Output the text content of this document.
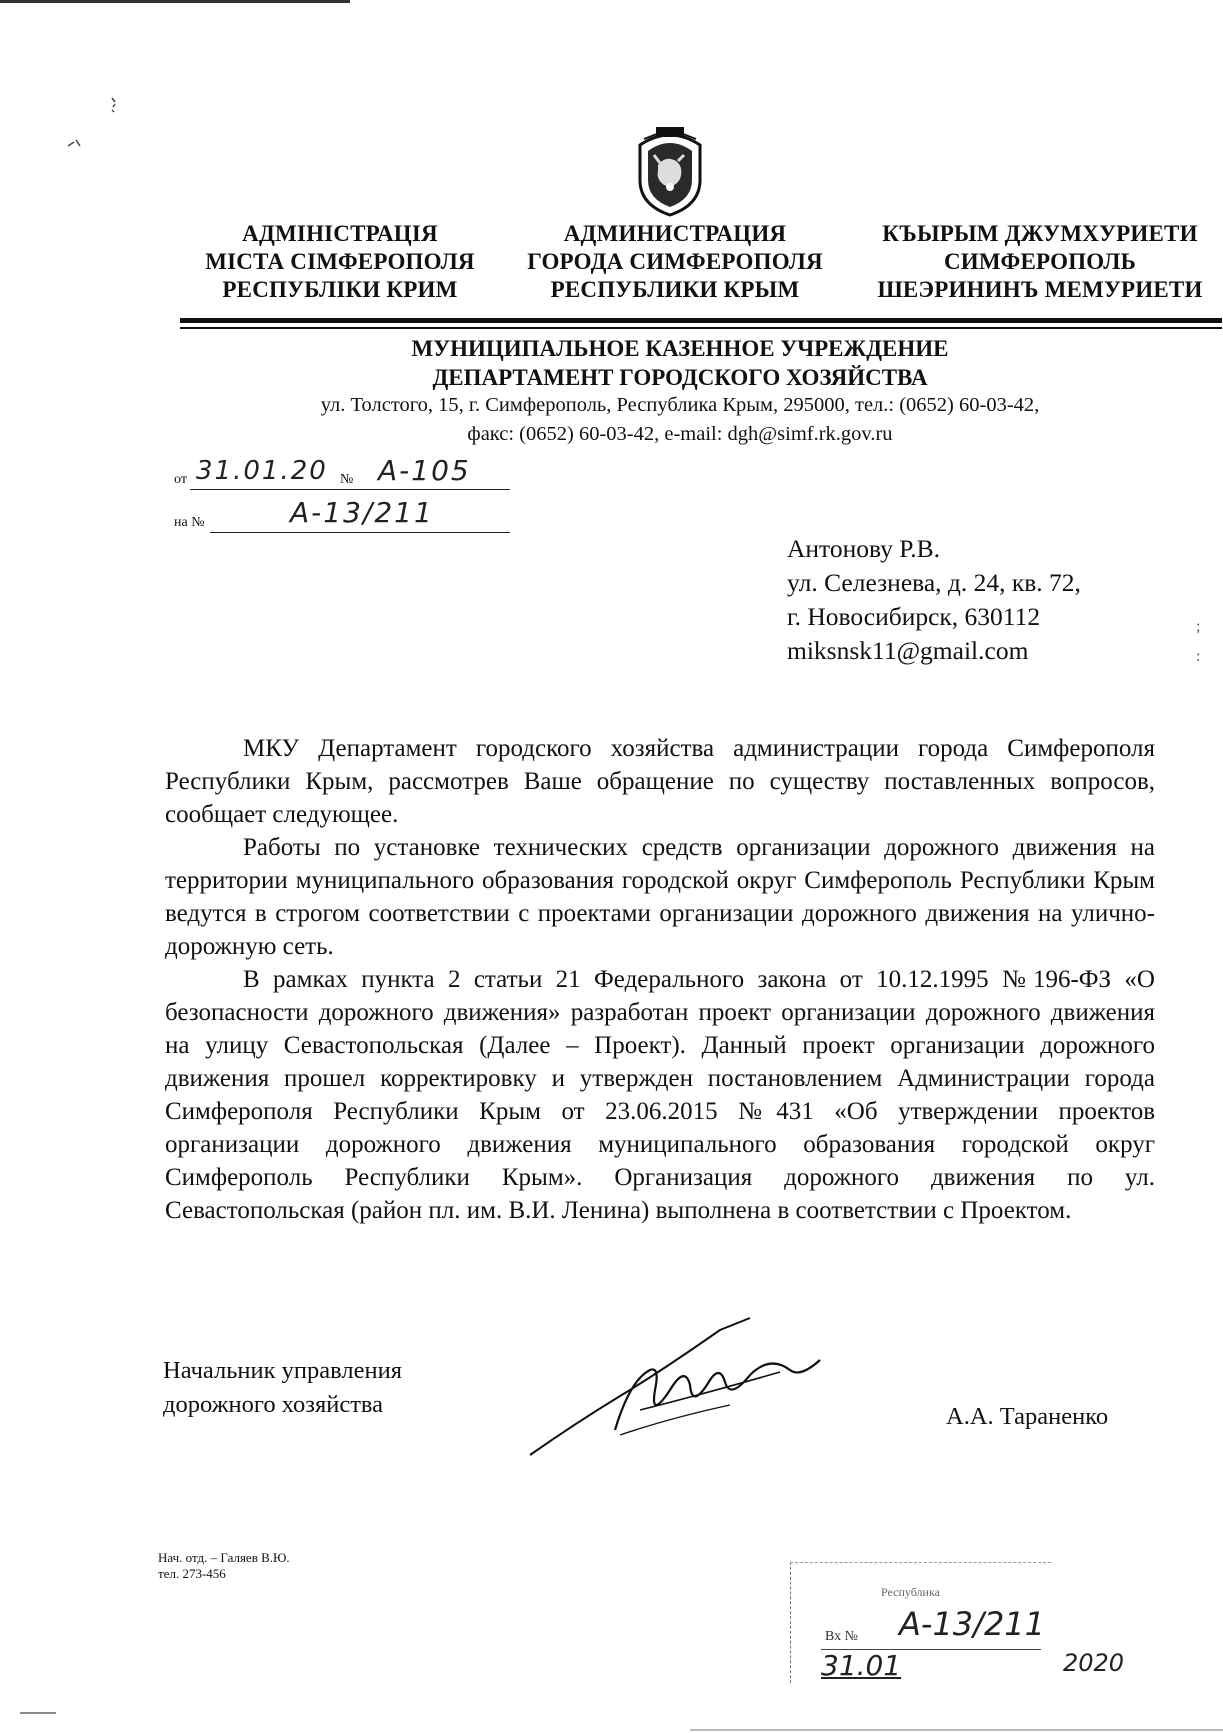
АДМІНІСТРАЦІЯ
МІСТА СІМФЕРОПОЛЯ
РЕСПУБЛІКИ КРИМ
АДМИНИСТРАЦИЯ
ГОРОДА СИМФЕРОПОЛЯ
РЕСПУБЛИКИ КРЫМ
КЪЫРЫМ ДЖУМХУРИЕТИ
СИМФЕРОПОЛЬ
ШЕЭРИНИНЪ МЕМУРИЕТИ
МУНИЦИПАЛЬНОЕ КАЗЕННОЕ УЧРЕЖДЕНИЕ
ДЕПАРТАМЕНТ ГОРОДСКОГО ХОЗЯЙСТВА
ул. Толстого, 15, г. Симферополь, Республика Крым, 295000, тел.: (0652) 60-03-42,
факс: (0652) 60-03-42, e-mail: dgh@simf.rk.gov.ru
от 31.01.20 № А-105
на №	А-13/211
Антонову Р.В.
ул. Селезнева, д. 24, кв. 72,
г. Новосибирск, 630112
miksnsk11@gmail.com
;
:

МКУ Департамент городского хозяйства администрации города Симферополя Республики Крым, рассмотрев Ваше обращение по существу поставленных вопросов, сообщает следующее.

Работы по установке технических средств организации дорожного движения на территории муниципального образования городской округ Симферополь Республики Крым ведутся в строгом соответствии с проектами организации дорожного движения на улично-дорожную сеть.

В рамках пункта 2 статьи 21 Федерального закона от 10.12.1995 №196-ФЗ «О безопасности дорожного движения» разработан проект организации дорожного движения на улицу Севастопольская (Далее – Проект). Данный проект организации дорожного движения прошел корректировку и утвержден постановлением Администрации города Симферополя Республики Крым от 23.06.2015 №431 «Об утверждении проектов организации дорожного движения муниципального образования городской округ Симферополь Республики Крым». Организация дорожного движения по ул. Севастопольская (район пл. им. В.И. Ленина) выполнена в соответствии с Проектом.

Начальник управления
дорожного хозяйства	А.А. Тараненко
Нач. отд. – Галяев В.Ю.
тел. 273-456
Республика
Вх № А-13/211
31.01	2020
